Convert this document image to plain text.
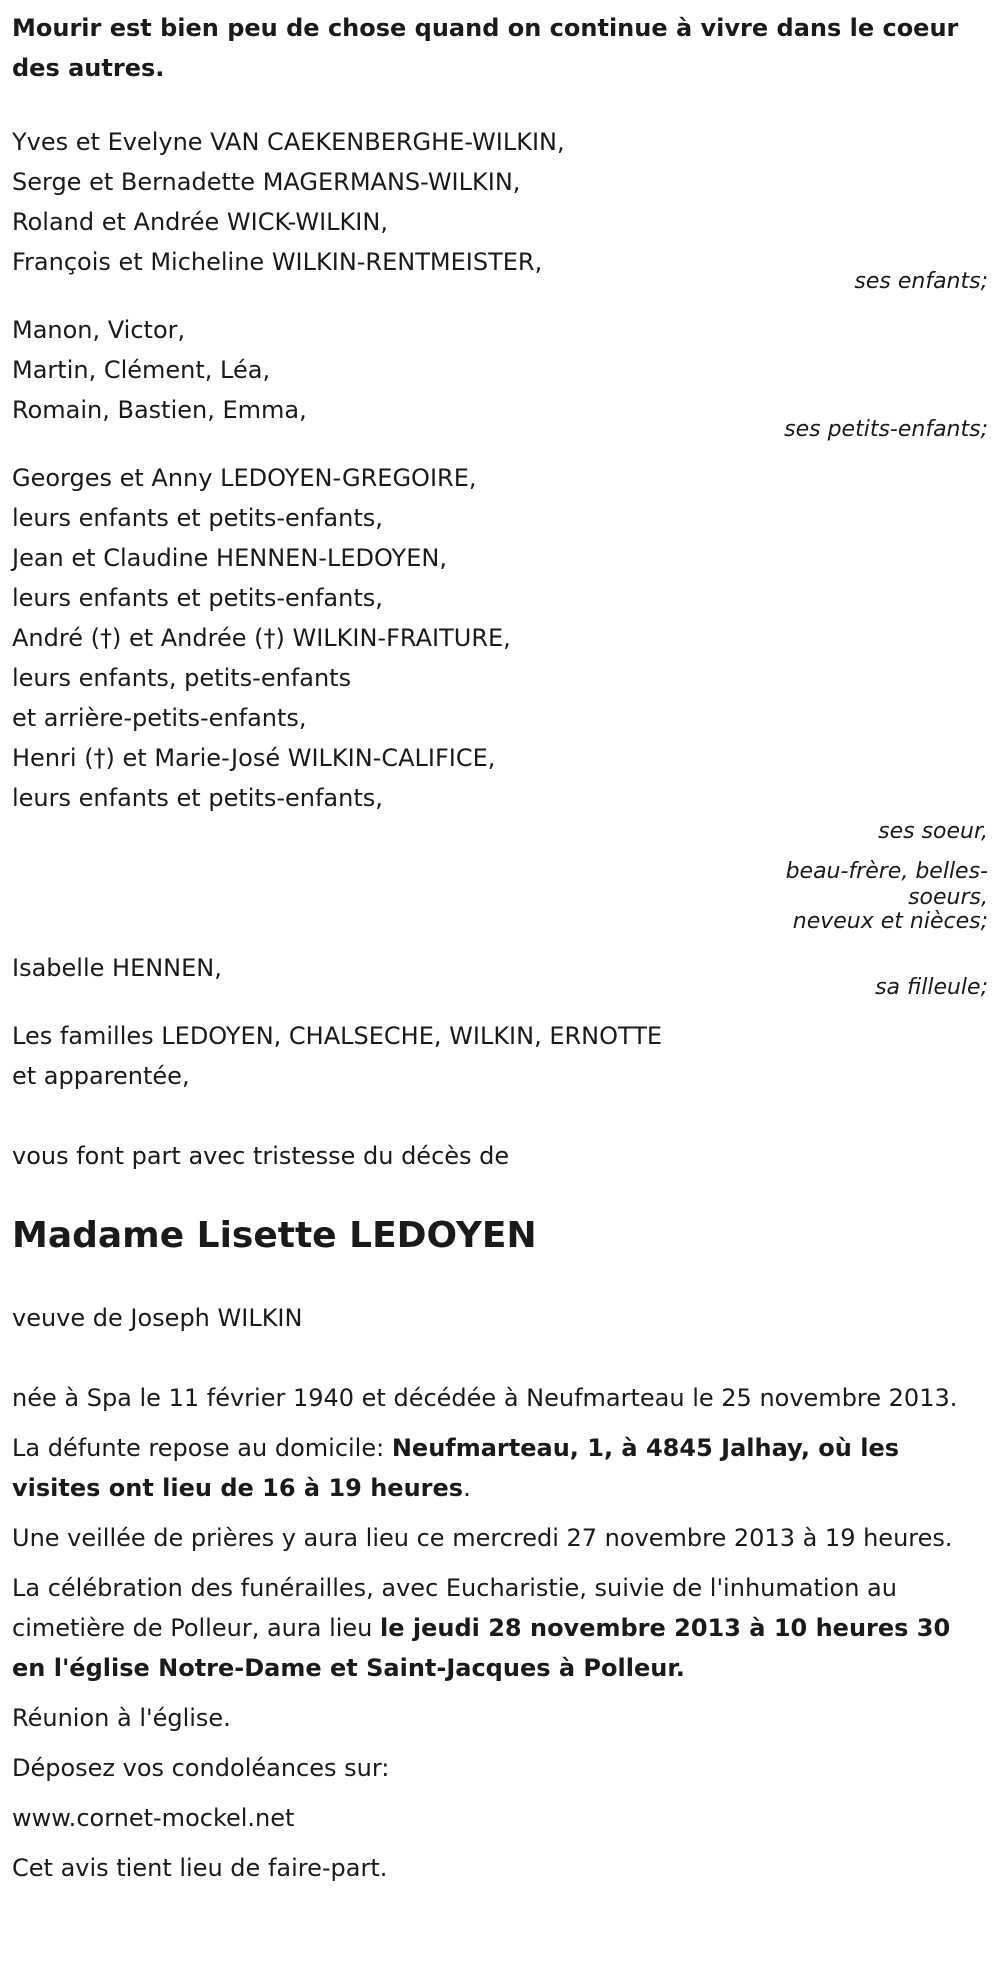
Mourir est bien peu de chose quand on continue à vivre dans le coeur des autres.

Yves et Evelyne VAN CAEKENBERGHE-WILKIN,
Serge et Bernadette MAGERMANS-WILKIN,
Roland et Andrée WICK-WILKIN,
François et Micheline WILKIN-RENTMEISTER,
ses enfants;
Manon, Victor,
Martin, Clément, Léa,
Romain, Bastien, Emma,
ses petits-enfants;
Georges et Anny LEDOYEN-GREGOIRE,
leurs enfants et petits-enfants,
Jean et Claudine HENNEN-LEDOYEN,
leurs enfants et petits-enfants,
André (†) et Andrée (†) WILKIN-FRAITURE,
leurs enfants, petits-enfants
et arrière-petits-enfants,
Henri (†) et Marie-José WILKIN-CALIFICE,
leurs enfants et petits-enfants,
ses soeur,
beau-frère, belles-
soeurs,
neveux et nièces;
Isabelle HENNEN,
sa filleule;
Les familles LEDOYEN, CHALSECHE, WILKIN, ERNOTTE
et apparentée,

vous font part avec tristesse du décès de

Madame Lisette LEDOYEN

veuve de Joseph WILKIN

née à Spa le 11 février 1940 et décédée à Neufmarteau le 25 novembre 2013.

La défunte repose au domicile: Neufmarteau, 1, à 4845 Jalhay, où les visites ont lieu de 16 à 19 heures.

Une veillée de prières y aura lieu ce mercredi 27 novembre 2013 à 19 heures.

La célébration des funérailles, avec Eucharistie, suivie de l'inhumation au cimetière de Polleur, aura lieu le jeudi 28 novembre 2013 à 10 heures 30 en l'église Notre-Dame et Saint-Jacques à Polleur.

Réunion à l'église.

Déposez vos condoléances sur:

www.cornet-mockel.net

Cet avis tient lieu de faire-part.
